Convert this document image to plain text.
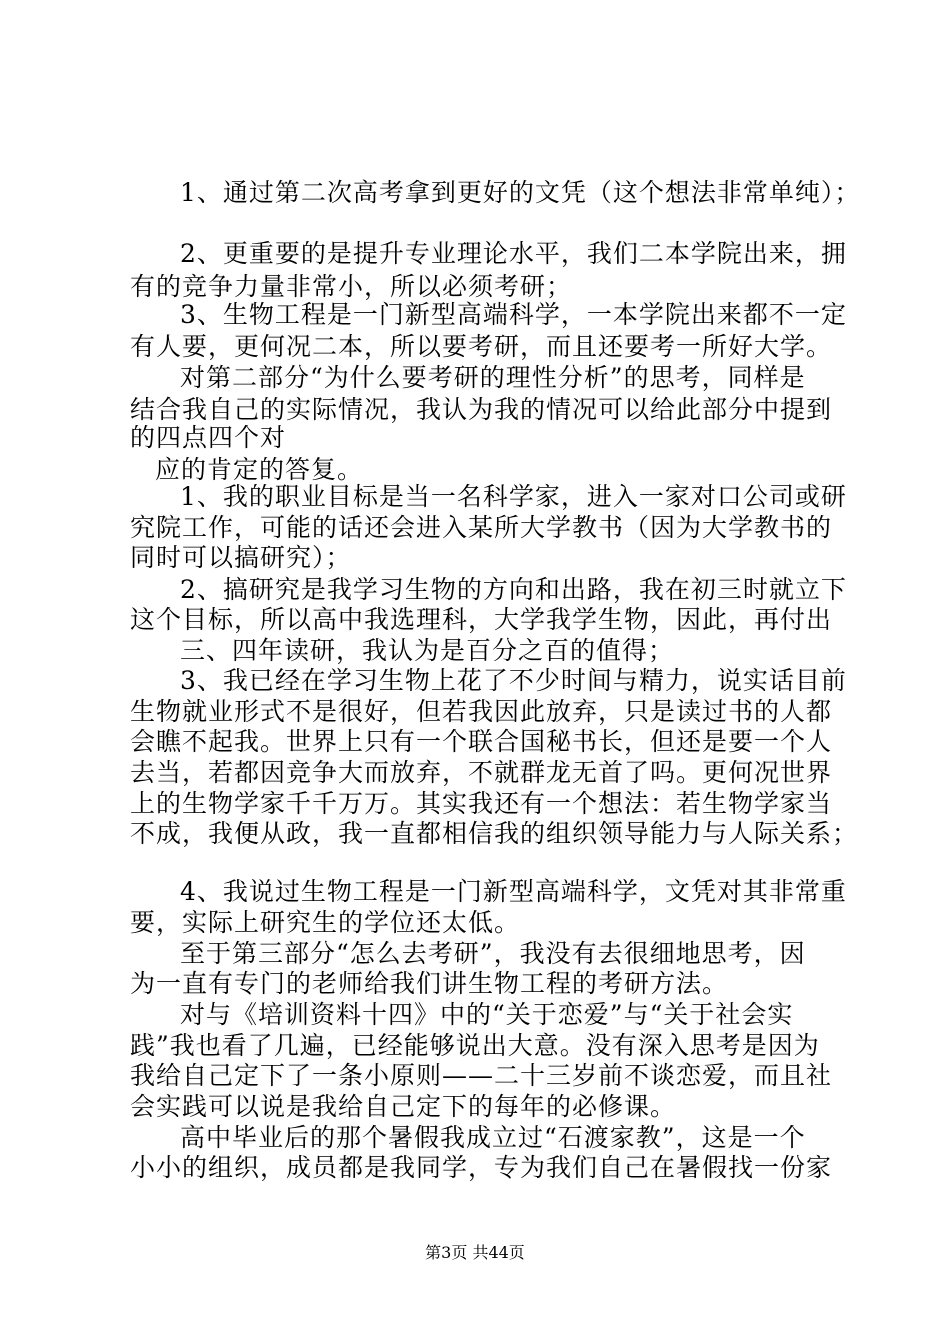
1、通过第二次高考拿到更好的文凭（这个想法非常单纯）；
2、更重要的是提升专业理论水平，我们二本学院出来，拥
有的竞争力量非常小，所以必须考研；
3、生物工程是一门新型高端科学，一本学院出来都不一定
有人要，更何况二本，所以要考研，而且还要考一所好大学。
对第二部分“为什么要考研的理性分析”的思考，同样是
结合我自己的实际情况，我认为我的情况可以给此部分中提到
的四点四个对
应的肯定的答复。
1、我的职业目标是当一名科学家，进入一家对口公司或研
究院工作，可能的话还会进入某所大学教书（因为大学教书的
同时可以搞研究）；
2、搞研究是我学习生物的方向和出路，我在初三时就立下
这个目标，所以高中我选理科，大学我学生物，因此，再付出
三、四年读研，我认为是百分之百的值得；
3、我已经在学习生物上花了不少时间与精力，说实话目前
生物就业形式不是很好，但若我因此放弃，只是读过书的人都
会瞧不起我。世界上只有一个联合国秘书长，但还是要一个人
去当，若都因竞争大而放弃，不就群龙无首了吗。更何况世界
上的生物学家千千万万。其实我还有一个想法：若生物学家当
不成，我便从政，我一直都相信我的组织领导能力与人际关系；
4、我说过生物工程是一门新型高端科学，文凭对其非常重
要，实际上研究生的学位还太低。
至于第三部分“怎么去考研”，我没有去很细地思考，因
为一直有专门的老师给我们讲生物工程的考研方法。
对与《培训资料十四》中的“关于恋爱”与“关于社会实
践”我也看了几遍，已经能够说出大意。没有深入思考是因为
我给自己定下了一条小原则——二十三岁前不谈恋爱，而且社
会实践可以说是我给自己定下的每年的必修课。
高中毕业后的那个暑假我成立过“石渡家教”，这是一个
小小的组织，成员都是我同学，专为我们自己在暑假找一份家
第3页 共44页
